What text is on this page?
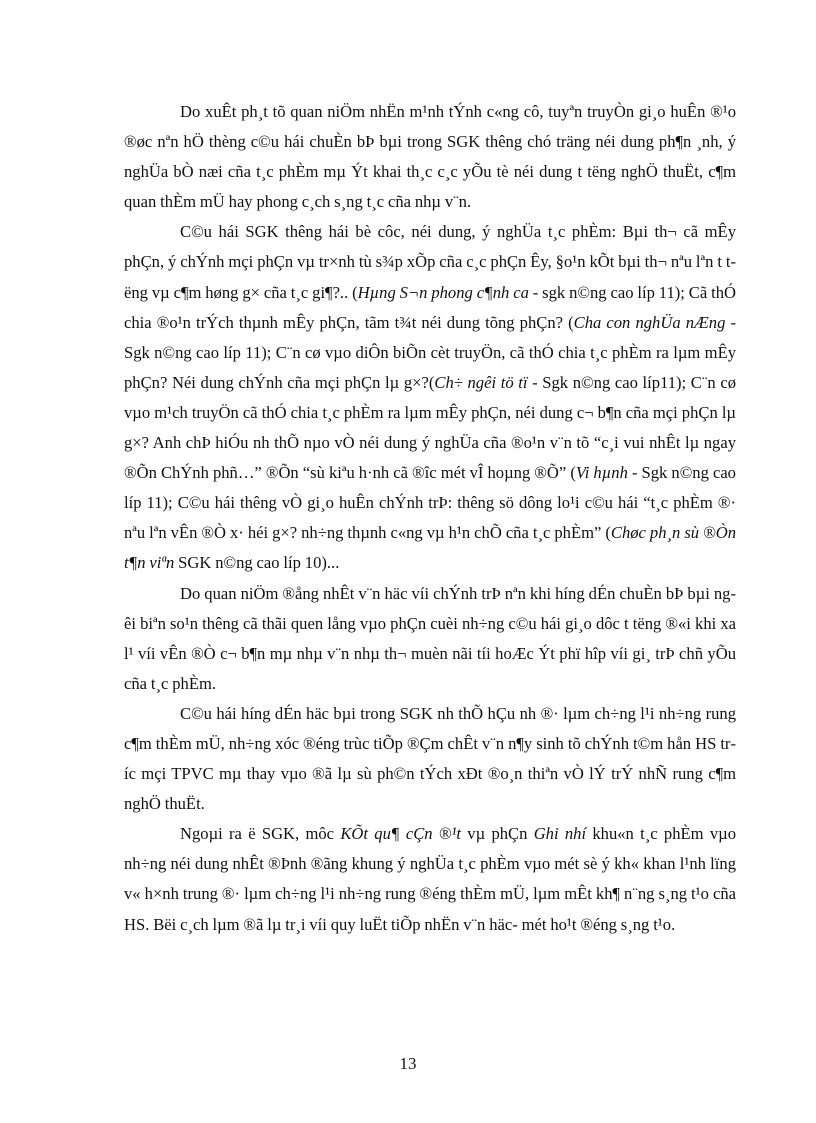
Do xuÊt ph¸t tõ quan niÖm nhËn m¹nh tÝnh c«ng cô, tuyªn truyÒn gi¸o huÊn ®¹o ®øc nªn hÖ thèng c©u hái chuÈn bÞ bµi trong SGK thêng chó träng néi dung ph¶n ¸nh, ý nghÜa bÒ næi cña t¸c phÈm mµ Ýt khai th¸c c¸c yÕu tè néi dung t tëng nghÖ thuËt, c¶m quan thÈm mÜ hay phong c¸ch s¸ng t¸c cña nhµ v¨n.

C©u hái SGK thêng hái bè côc, néi dung, ý nghÜa t¸c phÈm: Bµi th¬ cã mÊy phÇn, ý chÝnh mçi phÇn vµ tr×nh tù s¾p xÕp cña c¸c phÇn Êy, §o¹n kÕt bµi th¬ nªu lªn t tëng vµ c¶m høng g× cña t¸c gi¶?.. (Hµng S¬n phong c¶nh ca - sgk n©ng cao líp 11); Cã thÓ chia ®o¹n trÝch thµnh mÊy phÇn, tãm t¾t néi dung tõng phÇn? (Cha con nghÜa nÆng - Sgk n©ng cao líp 11); C¨n cø vµo diÔn biÕn cèt truyÖn, cã thÓ chia t¸c phÈm ra lµm mÊy phÇn? Néi dung chÝnh cña mçi phÇn lµ g×?(Ch÷ ngêi tö tï - Sgk n©ng cao líp11); C¨n cø vµo m¹ch truyÖn cã thÓ chia t¸c phÈm ra lµm mÊy phÇn, néi dung c¬ b¶n cña mçi phÇn lµ g×? Anh chÞ hiÓu nh thÕ nµo vÒ néi dung ý nghÜa cña ®o¹n v¨n tõ “c¸i vui nhÊt lµ ngay ®Õn ChÝnh phñ…” ®Õn “sù kiªu h·nh cã ®îc mét vÎ hoµng ®Õ” (Vi hµnh - Sgk n©ng cao líp 11); C©u hái thêng vÒ gi¸o huÊn chÝnh trÞ: thêng sö dông lo¹i c©u hái “t¸c phÈm ®· nªu lªn vÊn ®Ò x· héi g×? nh÷ng thµnh c«ng vµ h¹n chÕ cña t¸c phÈm” (Chøc ph¸n sù ®Òn t¶n viªn SGK n©ng cao líp 10)...

Do quan niÖm ®ång nhÊt v¨n häc víi chÝnh trÞ nªn khi híng dÉn chuÈn bÞ bµi ngêi biªn so¹n thêng cã thãi quen lång vµo phÇn cuèi nh÷ng c©u hái gi¸o dôc t tëng ®«i khi xa l¹ víi vÊn ®Ò c¬ b¶n mµ nhµ v¨n nhµ th¬ muèn nãi tíi hoÆc Ýt phï hîp víi gi¸ trÞ chñ yÕu cña t¸c phÈm.

C©u hái híng dÉn häc bµi trong SGK nh thÕ hÇu nh ®· lµm ch÷ng l¹i nh÷ng rung c¶m thÈm mÜ, nh÷ng xóc ®éng trùc tiÕp ®Çm chÊt v¨n n¶y sinh tõ chÝnh t©m hån HS tríc mçi TPVC mµ thay vµo ®ã lµ sù ph©n tÝch xÐt ®o¸n thiªn vÒ lÝ trÝ nhÑ rung c¶m nghÖ thuËt.

Ngoµi ra ë SGK, môc KÕt qu¶ cÇn ®¹t vµ phÇn Ghi nhí khu«n t¸c phÈm vµo nh÷ng néi dung nhÊt ®Þnh ®ãng khung ý nghÜa t¸c phÈm vµo mét sè ý kh« khan l¹nh lïng v« h×nh trung ®· lµm ch÷ng l¹i nh÷ng rung ®éng thÈm mÜ, lµm mÊt kh¶ n¨ng s¸ng t¹o cña HS. Bëi c¸ch lµm ®ã lµ tr¸i víi quy luËt tiÕp nhËn v¨n häc- mét ho¹t ®éng s¸ng t¹o.

13
